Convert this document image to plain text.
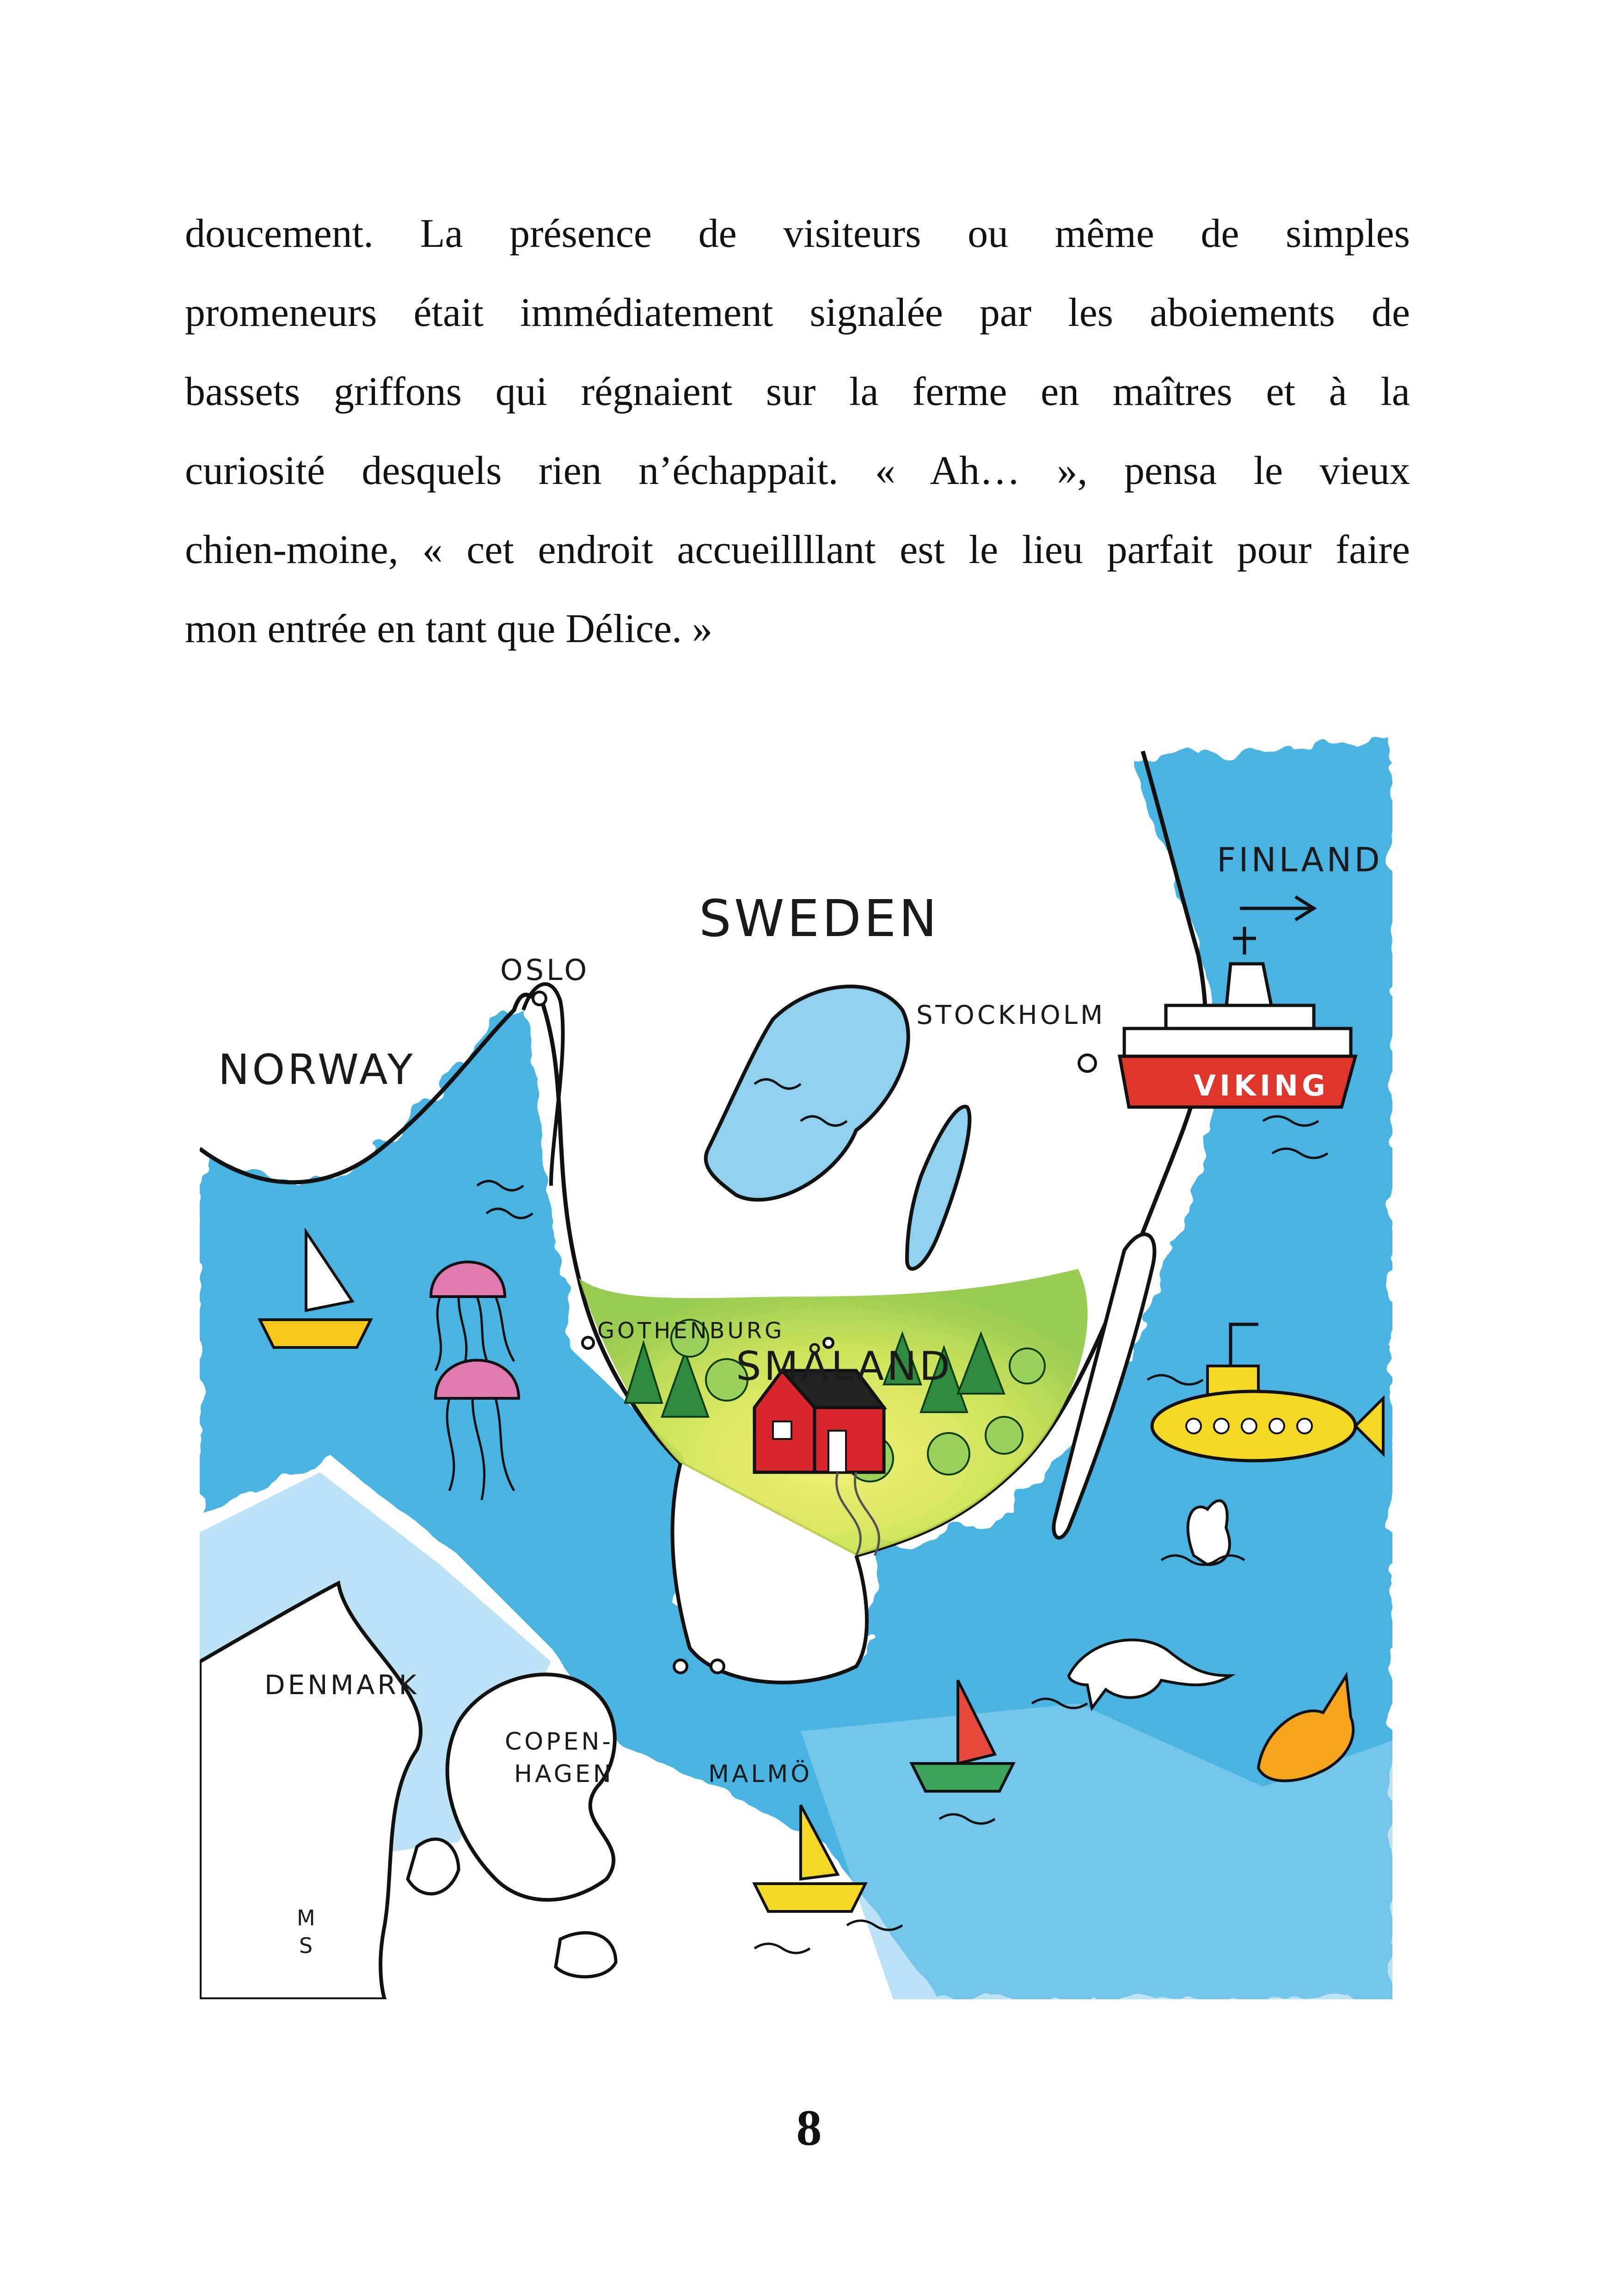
doucement. La présence de visiteurs ou même de simples
promeneurs était immédiatement signalée par les aboiements de
bassets griffons qui régnaient sur la ferme en maîtres et à la
curiosité desquels rien n’échappait. « Ah… », pensa le vieux
chien-moine, « cet endroit accueillllant est le lieu parfait pour faire
mon entrée en tant que Délice. »
SWEDEN
NORWAY
FINLAND
OSLO
STOCKHOLM
GOTHENBURG
SMÅLAND
DENMARK
COPEN-
HAGEN	MALMÖ
VIKING
M
S
8
